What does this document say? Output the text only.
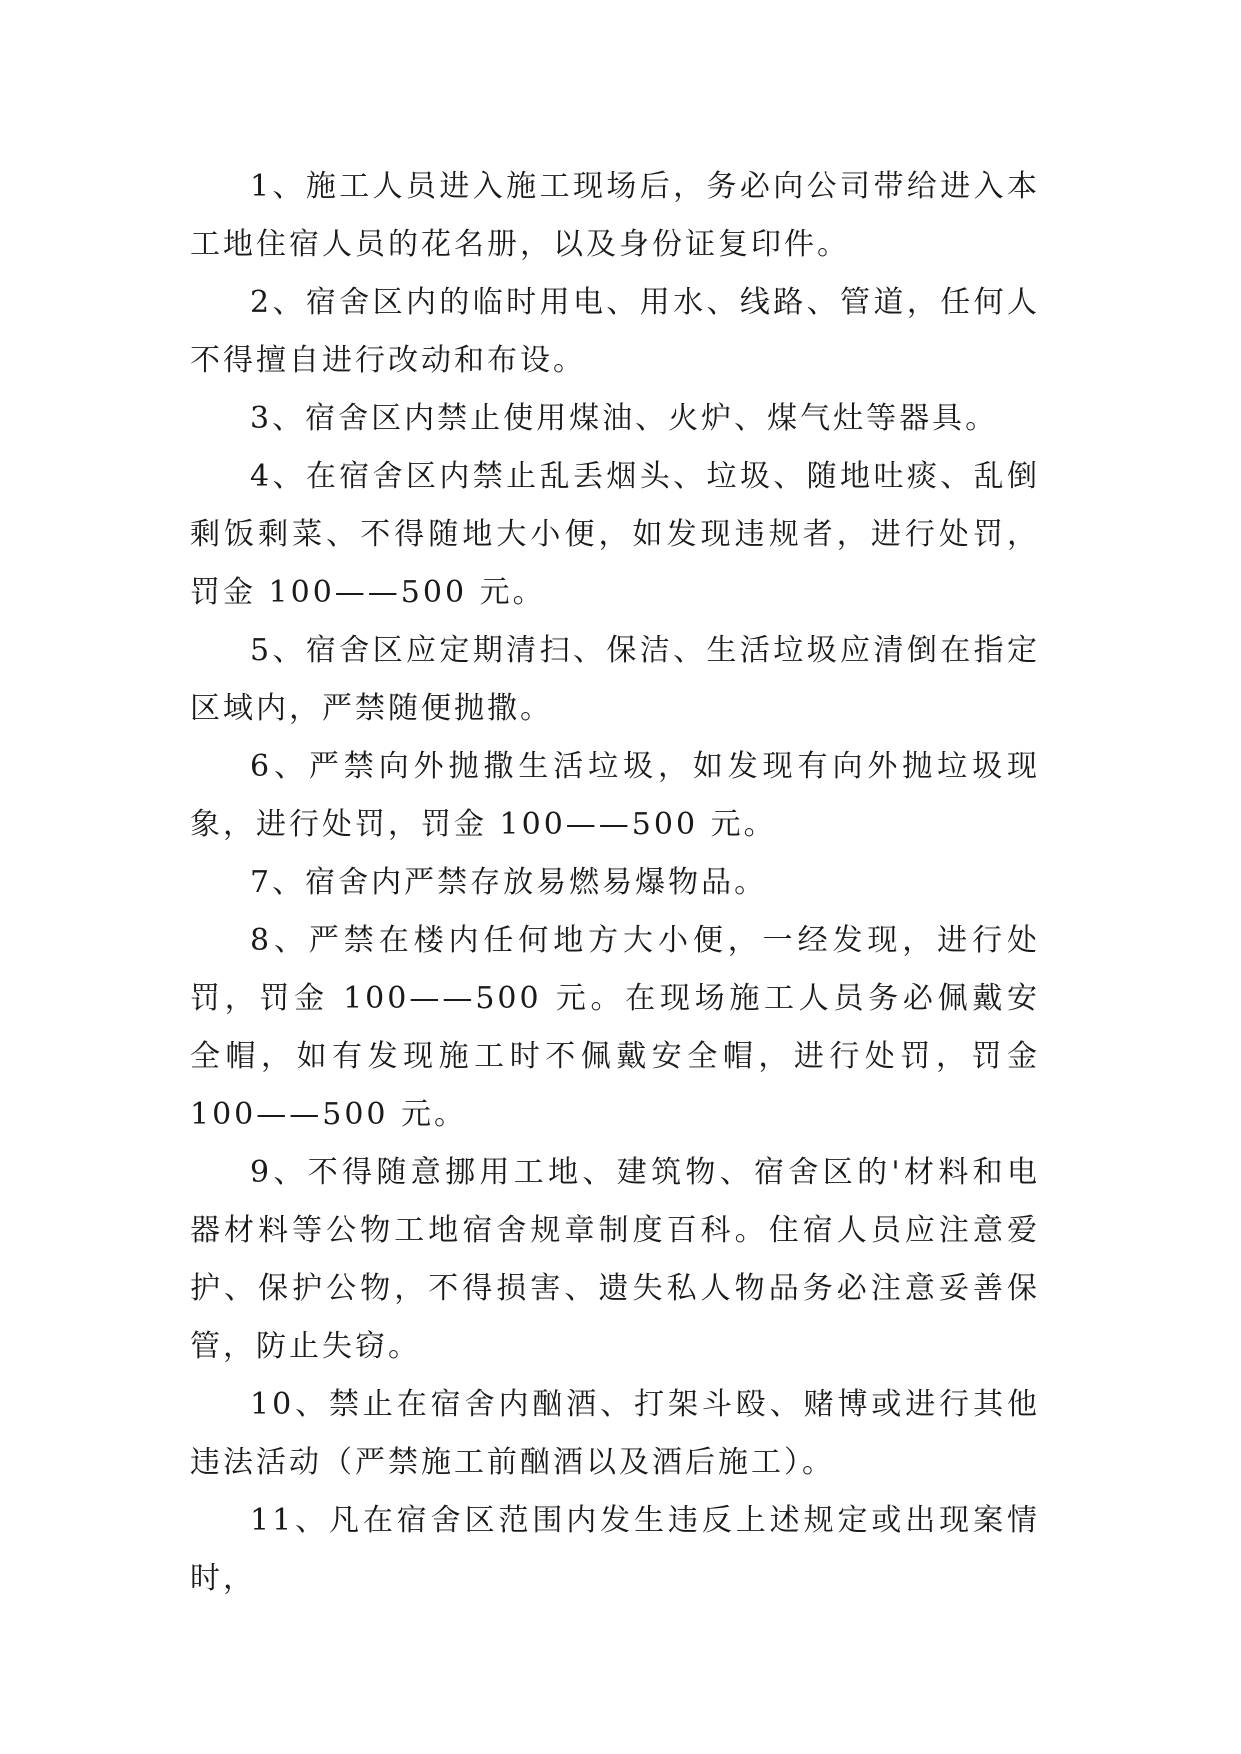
1、施工人员进入施工现场后，务必向公司带给进入本工地住宿人员的花名册，以及身份证复印件。

2、宿舍区内的临时用电、用水、线路、管道，任何人不得擅自进行改动和布设。

3、宿舍区内禁止使用煤油、火炉、煤气灶等器具。

4、在宿舍区内禁止乱丢烟头、垃圾、随地吐痰、乱倒剩饭剩菜、不得随地大小便，如发现违规者，进行处罚，罚金 100——500 元。

5、宿舍区应定期清扫、保洁、生活垃圾应清倒在指定区域内，严禁随便抛撒。

6、严禁向外抛撒生活垃圾，如发现有向外抛垃圾现象，进行处罚，罚金 100——500 元。

7、宿舍内严禁存放易燃易爆物品。

8、严禁在楼内任何地方大小便，一经发现，进行处罚，罚金 100——500 元。在现场施工人员务必佩戴安全帽，如有发现施工时不佩戴安全帽，进行处罚，罚金 100——500 元。

9、不得随意挪用工地、建筑物、宿舍区的'材料和电器材料等公物工地宿舍规章制度百科。住宿人员应注意爱护、保护公物，不得损害、遗失私人物品务必注意妥善保管，防止失窃。

10、禁止在宿舍内酗酒、打架斗殴、赌博或进行其他违法活动（严禁施工前酗酒以及酒后施工）。

11、凡在宿舍区范围内发生违反上述规定或出现案情时，
